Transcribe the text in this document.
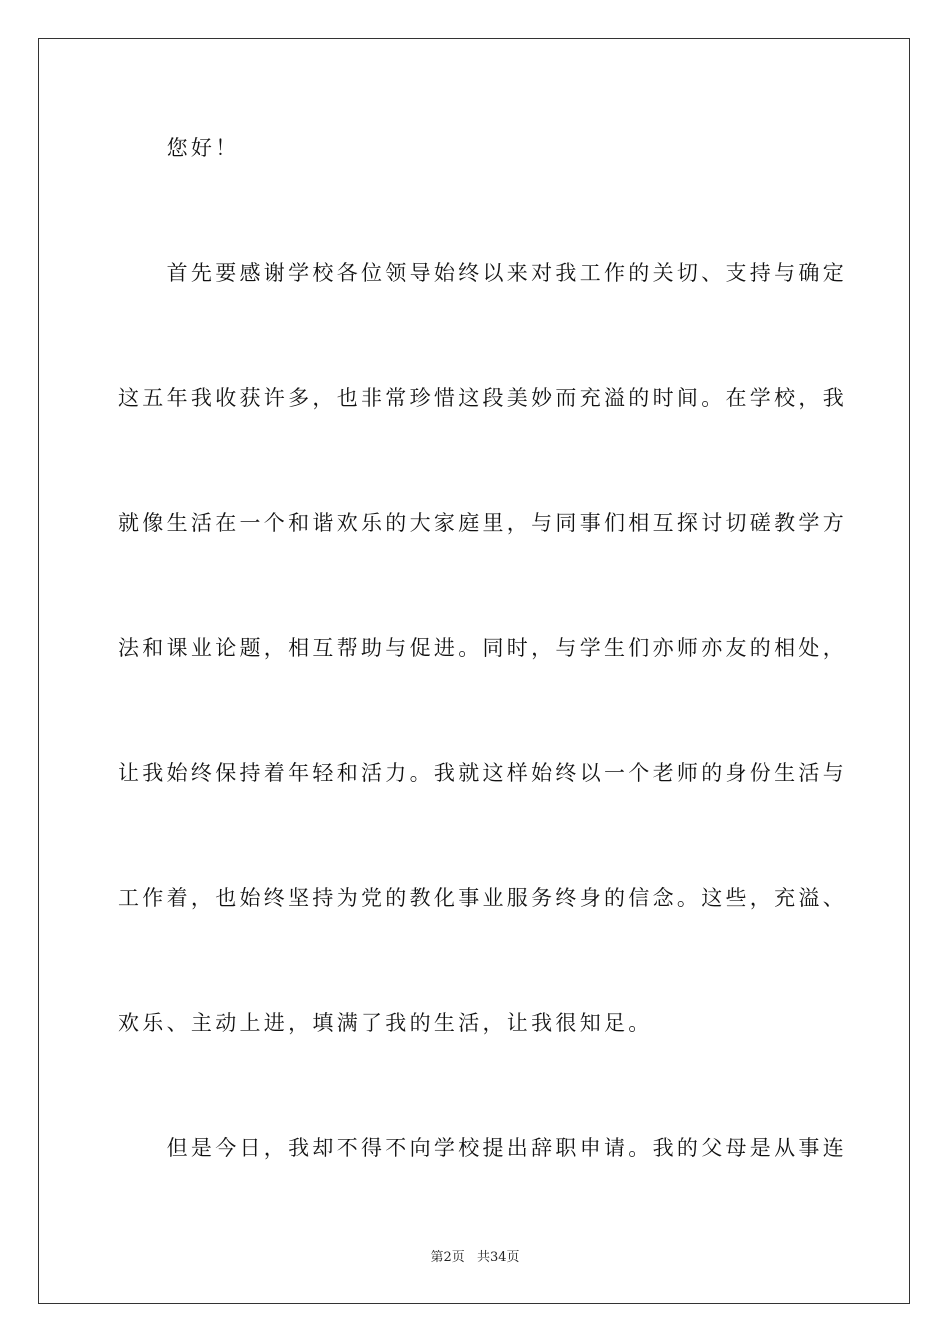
　　您好！
　　首先要感谢学校各位领导始终以来对我工作的关切、支持与确定
这五年我收获许多，也非常珍惜这段美妙而充溢的时间。在学校，我
就像生活在一个和谐欢乐的大家庭里，与同事们相互探讨切磋教学方
法和课业论题，相互帮助与促进。同时，与学生们亦师亦友的相处，
让我始终保持着年轻和活力。我就这样始终以一个老师的身份生活与
工作着，也始终坚持为党的教化事业服务终身的信念。这些，充溢、
欢乐、主动上进，填满了我的生活，让我很知足。
　　但是今日，我却不得不向学校提出辞职申请。我的父母是从事连
第2页 共34页
